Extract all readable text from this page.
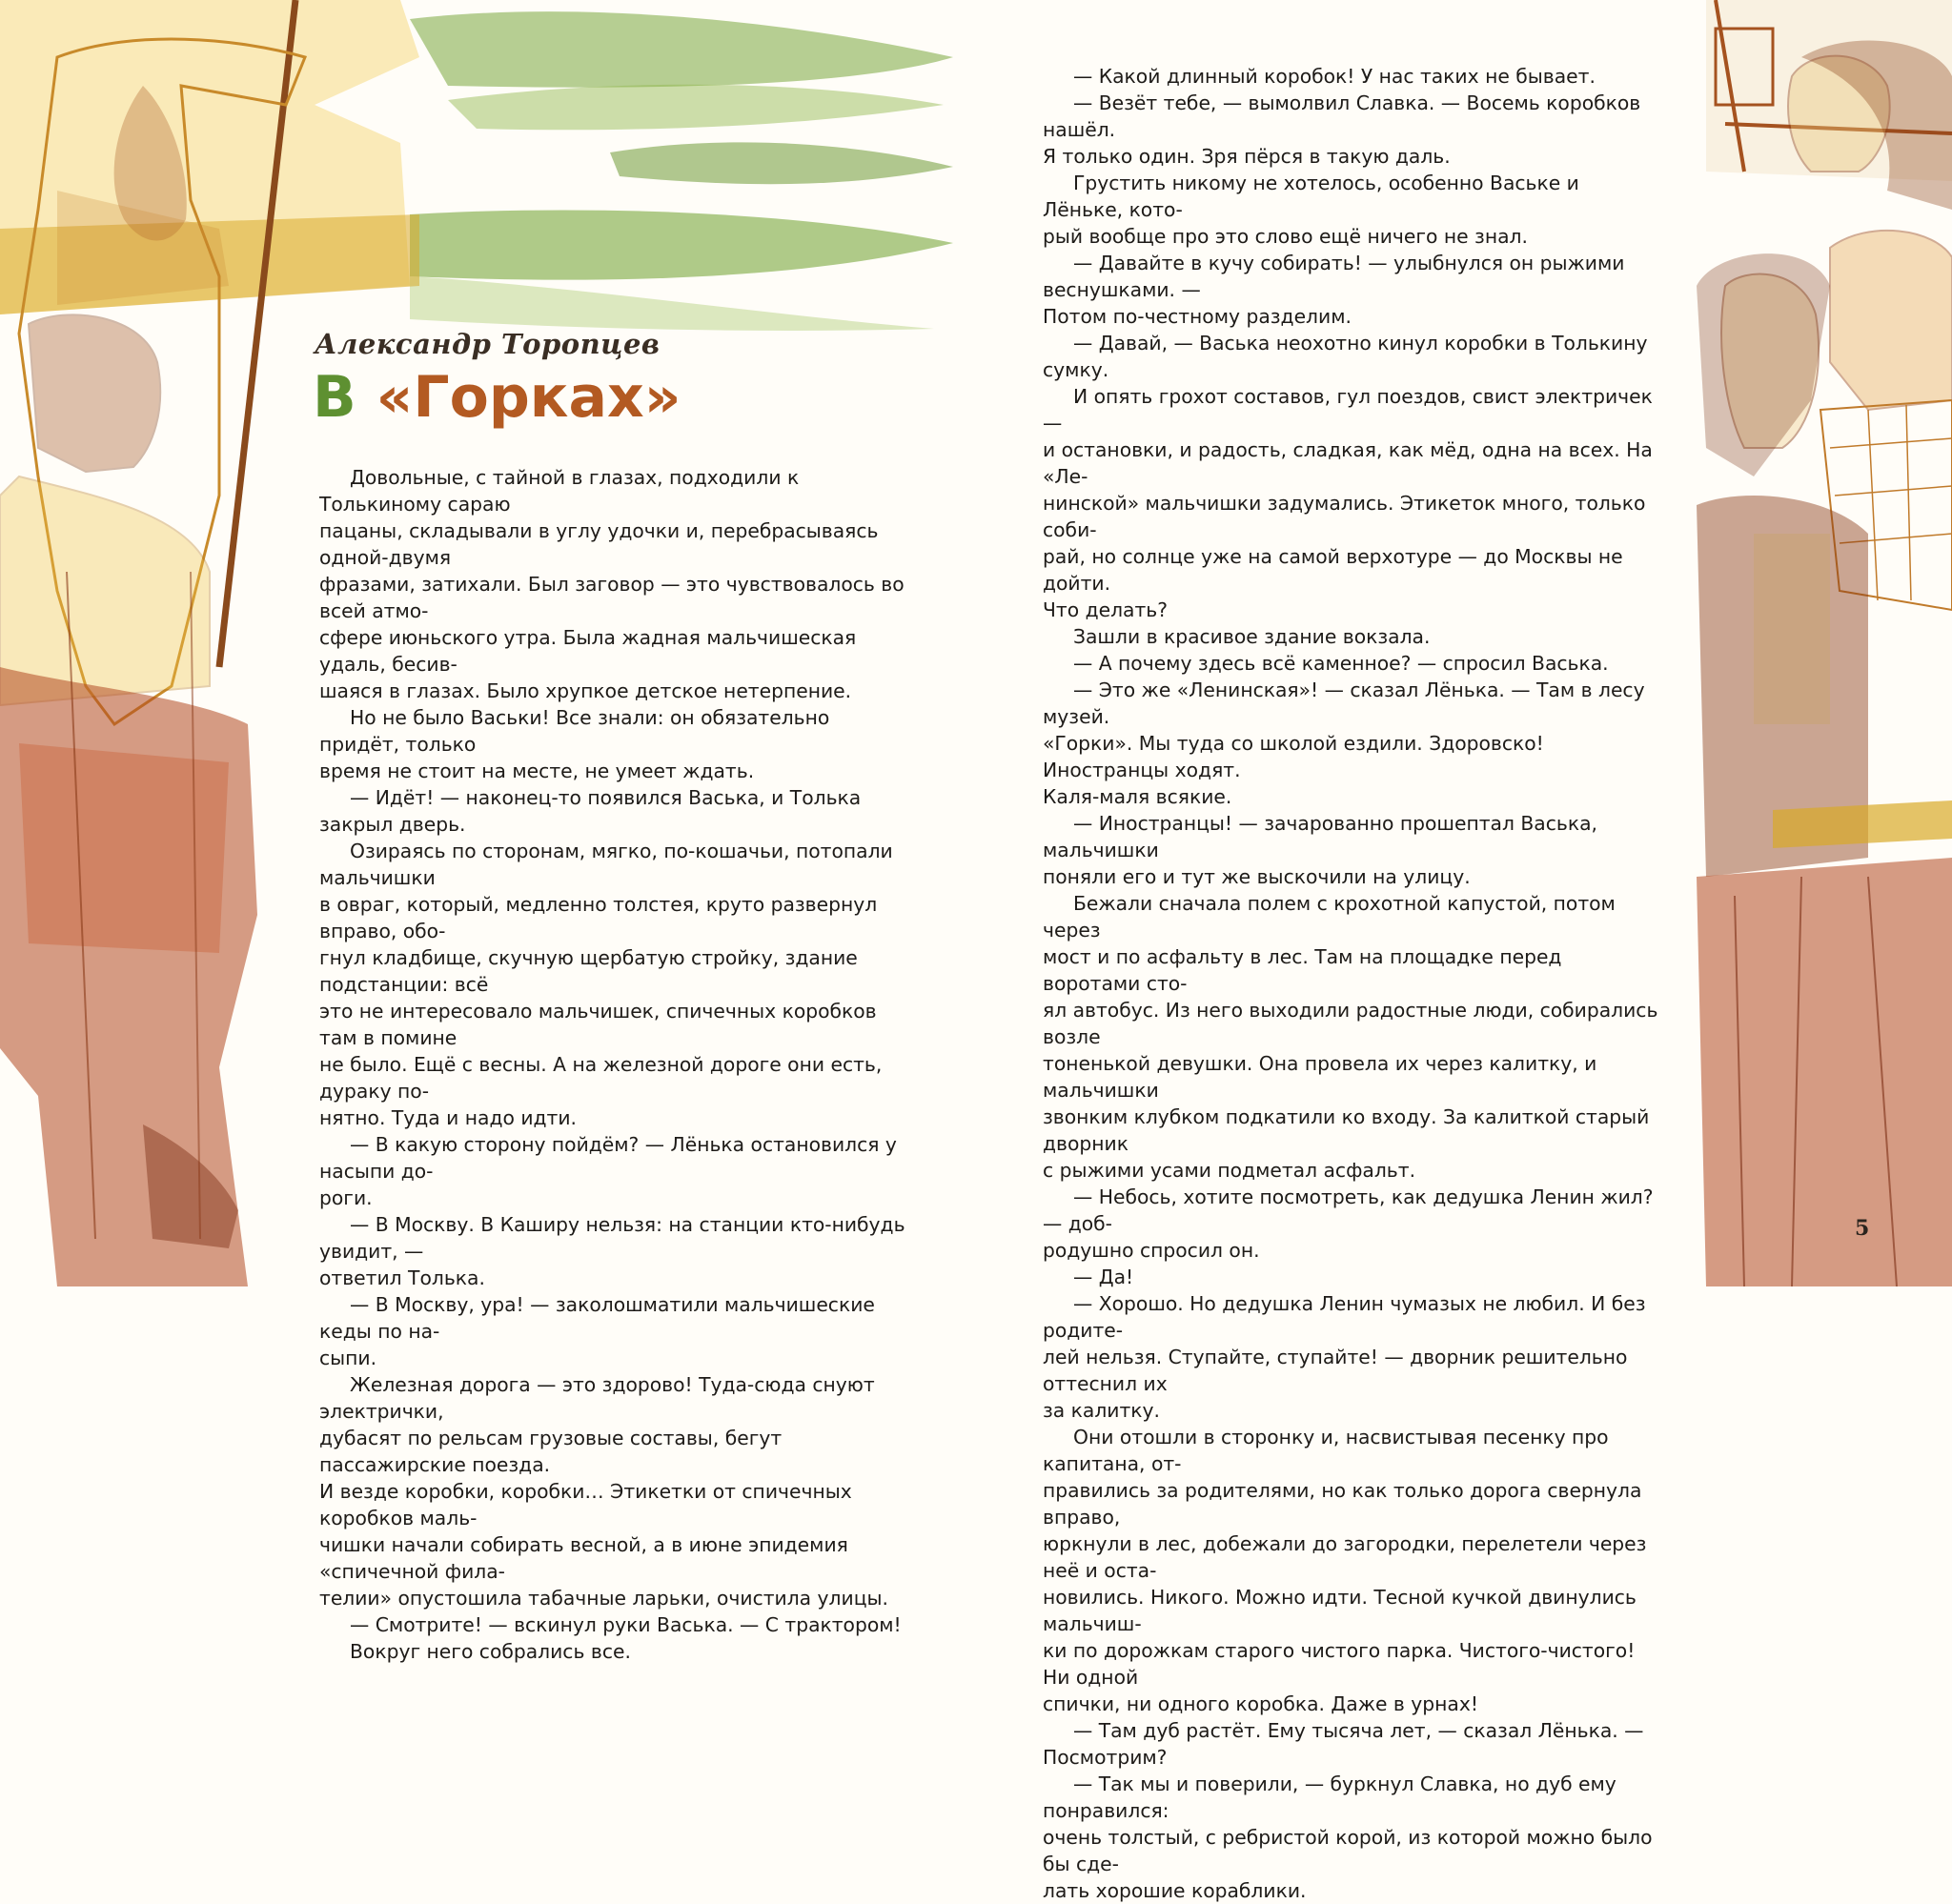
Александр Торопцев
В «Горках»

Довольные, с тайной в глазах, подходили к Толькиному сараю
пацаны, складывали в углу удочки и, перебрасываясь одной-двумя
фразами, затихали. Был заговор — это чувствовалось во всей атмо-
сфере июньского утра. Была жадная мальчишеская удаль, бесив-
шаяся в глазах. Было хрупкое детское нетерпение.

Но не было Васьки! Все знали: он обязательно придёт, только
время не стоит на месте, не умеет ждать.

— Идёт! — наконец-то появился Васька, и Толька закрыл дверь.

Озираясь по сторонам, мягко, по-кошачьи, потопали мальчишки
в овраг, который, медленно толстея, круто развернул вправо, обо-
гнул кладбище, скучную щербатую стройку, здание подстанции: всё
это не интересовало мальчишек, спичечных коробков там в помине
не было. Ещё с весны. А на железной дороге они есть, дураку по-
нятно. Туда и надо идти.

— В какую сторону пойдём? — Лёнька остановился у насыпи до-
роги.

— В Москву. В Каширу нельзя: на станции кто-нибудь увидит, —
ответил Толька.

— В Москву, ура! — заколошматили мальчишеские кеды по на-
сыпи.

Железная дорога — это здорово! Туда-сюда снуют электрички,
дубасят по рельсам грузовые составы, бегут пассажирские поезда.
И везде коробки, коробки… Этикетки от спичечных коробков маль-
чишки начали собирать весной, а в июне эпидемия «спичечной фила-
телии» опустошила табачные ларьки, очистила улицы.

— Смотрите! — вскинул руки Васька. — С трактором!

Вокруг него собрались все.

— Какой длинный коробок! У нас таких не бывает.

— Везёт тебе, — вымолвил Славка. — Восемь коробков нашёл.
Я только один. Зря пёрся в такую даль.

Грустить никому не хотелось, особенно Ваське и Лёньке, кото-
рый вообще про это слово ещё ничего не знал.

— Давайте в кучу собирать! — улыбнулся он рыжими веснушками. —
Потом по-честному разделим.

— Давай, — Васька неохотно кинул коробки в Толькину сумку.

И опять грохот составов, гул поездов, свист электричек —
и остановки, и радость, сладкая, как мёд, одна на всех. На «Ле-
нинской» мальчишки задумались. Этикеток много, только соби-
рай, но солнце уже на самой верхотуре — до Москвы не дойти.
Что делать?

Зашли в красивое здание вокзала.

— А почему здесь всё каменное? — спросил Васька.

— Это же «Ленинская»! — сказал Лёнька. — Там в лесу музей.
«Горки». Мы туда со школой ездили. Здоровско! Иностранцы ходят.
Каля-маля всякие.

— Иностранцы! — зачарованно прошептал Васька, мальчишки
поняли его и тут же выскочили на улицу.

Бежали сначала полем с крохотной капустой, потом через
мост и по асфальту в лес. Там на площадке перед воротами сто-
ял автобус. Из него выходили радостные люди, собирались возле
тоненькой девушки. Она провела их через калитку, и мальчишки
звонким клубком подкатили ко входу. За калиткой старый дворник
с рыжими усами подметал асфальт.

— Небось, хотите посмотреть, как дедушка Ленин жил? — доб-
родушно спросил он.

— Да!

— Хорошо. Но дедушка Ленин чумазых не любил. И без родите-
лей нельзя. Ступайте, ступайте! — дворник решительно оттеснил их
за калитку.

Они отошли в сторонку и, насвистывая песенку про капитана, от-
правились за родителями, но как только дорога свернула вправо,
юркнули в лес, добежали до загородки, перелетели через неё и оста-
новились. Никого. Можно идти. Тесной кучкой двинулись мальчиш-
ки по дорожкам старого чистого парка. Чистого-чистого! Ни одной
спички, ни одного коробка. Даже в урнах!

— Там дуб растёт. Ему тысяча лет, — сказал Лёнька. — Посмотрим?

— Так мы и поверили, — буркнул Славка, но дуб ему понравился:
очень толстый, с ребристой корой, из которой можно было бы сде-
лать хорошие кораблики.

5
